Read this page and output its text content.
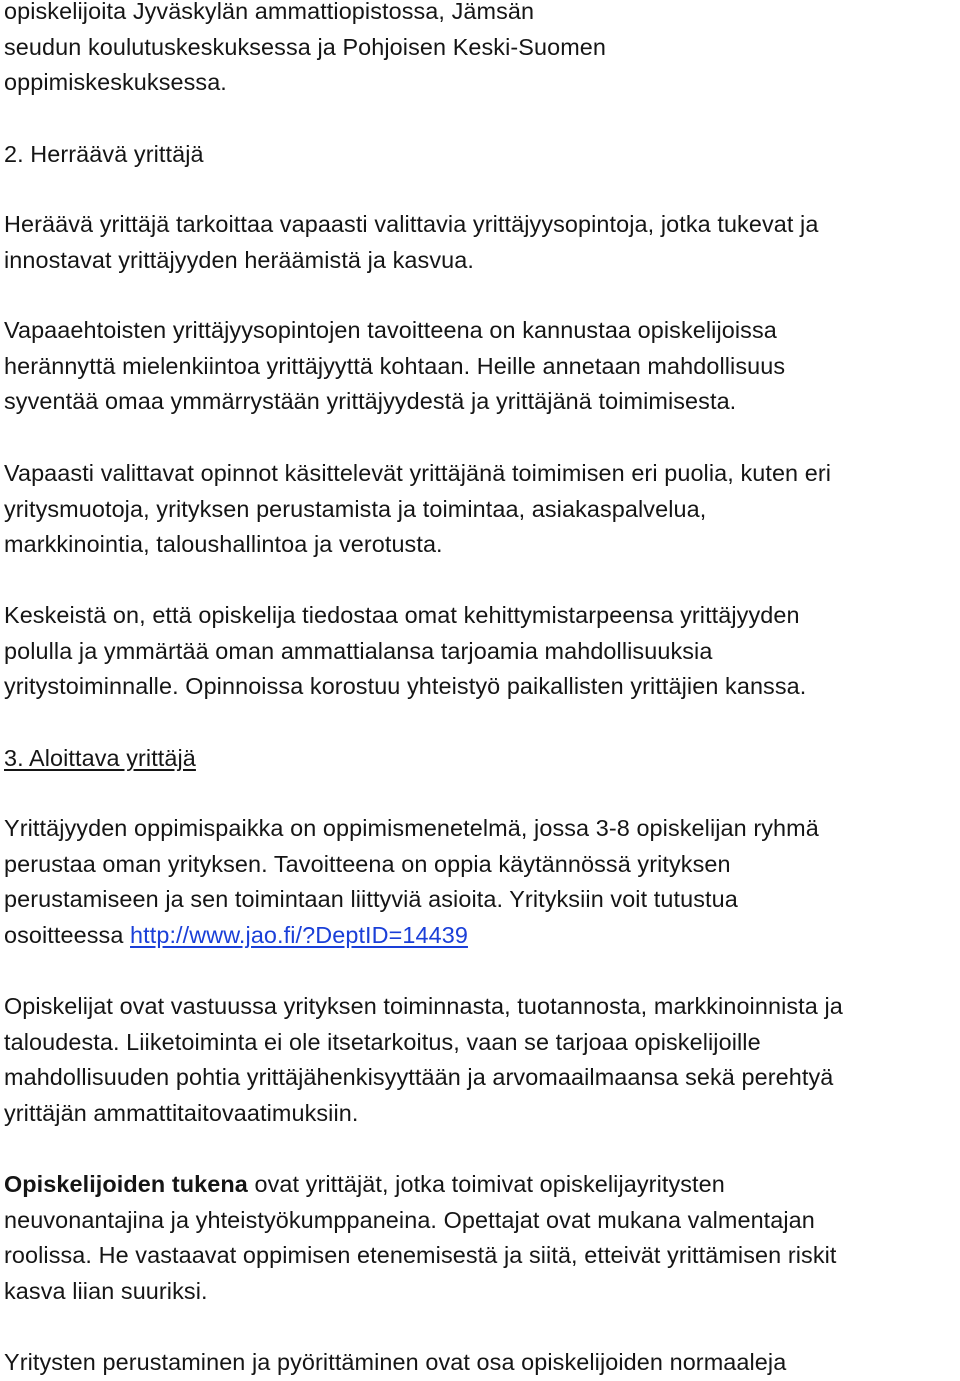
opiskelijoita Jyväskylän ammattiopistossa, Jämsän
seudun koulutuskeskuksessa ja Pohjoisen Keski-Suomen
oppimiskeskuksessa.

2. Herräävä yrittäjä

Heräävä yrittäjä tarkoittaa vapaasti valittavia yrittäjyysopintoja, jotka tukevat ja
innostavat yrittäjyyden heräämistä ja kasvua.

Vapaaehtoisten yrittäjyysopintojen tavoitteena on kannustaa opiskelijoissa
herännyttä mielenkiintoa yrittäjyyttä kohtaan. Heille annetaan mahdollisuus
syventää omaa ymmärrystään yrittäjyydestä ja yrittäjänä toimimisesta.

Vapaasti valittavat opinnot käsittelevät yrittäjänä toimimisen eri puolia, kuten eri
yritysmuotoja, yrityksen perustamista ja toimintaa, asiakaspalvelua,
markkinointia, taloushallintoa ja verotusta.

Keskeistä on, että opiskelija tiedostaa omat kehittymistarpeensa yrittäjyyden
polulla ja ymmärtää oman ammattialansa tarjoamia mahdollisuuksia
yritystoiminnalle. Opinnoissa korostuu yhteistyö paikallisten yrittäjien kanssa.

3. Aloittava yrittäjä

Yrittäjyyden oppimispaikka on oppimismenetelmä, jossa 3-8 opiskelijan ryhmä
perustaa oman yrityksen. Tavoitteena on oppia käytännössä yrityksen
perustamiseen ja sen toimintaan liittyviä asioita. Yrityksiin voit tutustua
osoitteessa http://www.jao.fi/?DeptID=14439

Opiskelijat ovat vastuussa yrityksen toiminnasta, tuotannosta, markkinoinnista ja
taloudesta. Liiketoiminta ei ole itsetarkoitus, vaan se tarjoaa opiskelijoille
mahdollisuuden pohtia yrittäjähenkisyyttään ja arvomaailmaansa sekä perehtyä
yrittäjän ammattitaitovaatimuksiin.

Opiskelijoiden tukena ovat yrittäjät, jotka toimivat opiskelijayritysten
neuvonantajina ja yhteistyökumppaneina. Opettajat ovat mukana valmentajan
roolissa. He vastaavat oppimisen etenemisestä ja siitä, etteivät yrittämisen riskit
kasva liian suuriksi.

Yritysten perustaminen ja pyörittäminen ovat osa opiskelijoiden normaaleja
